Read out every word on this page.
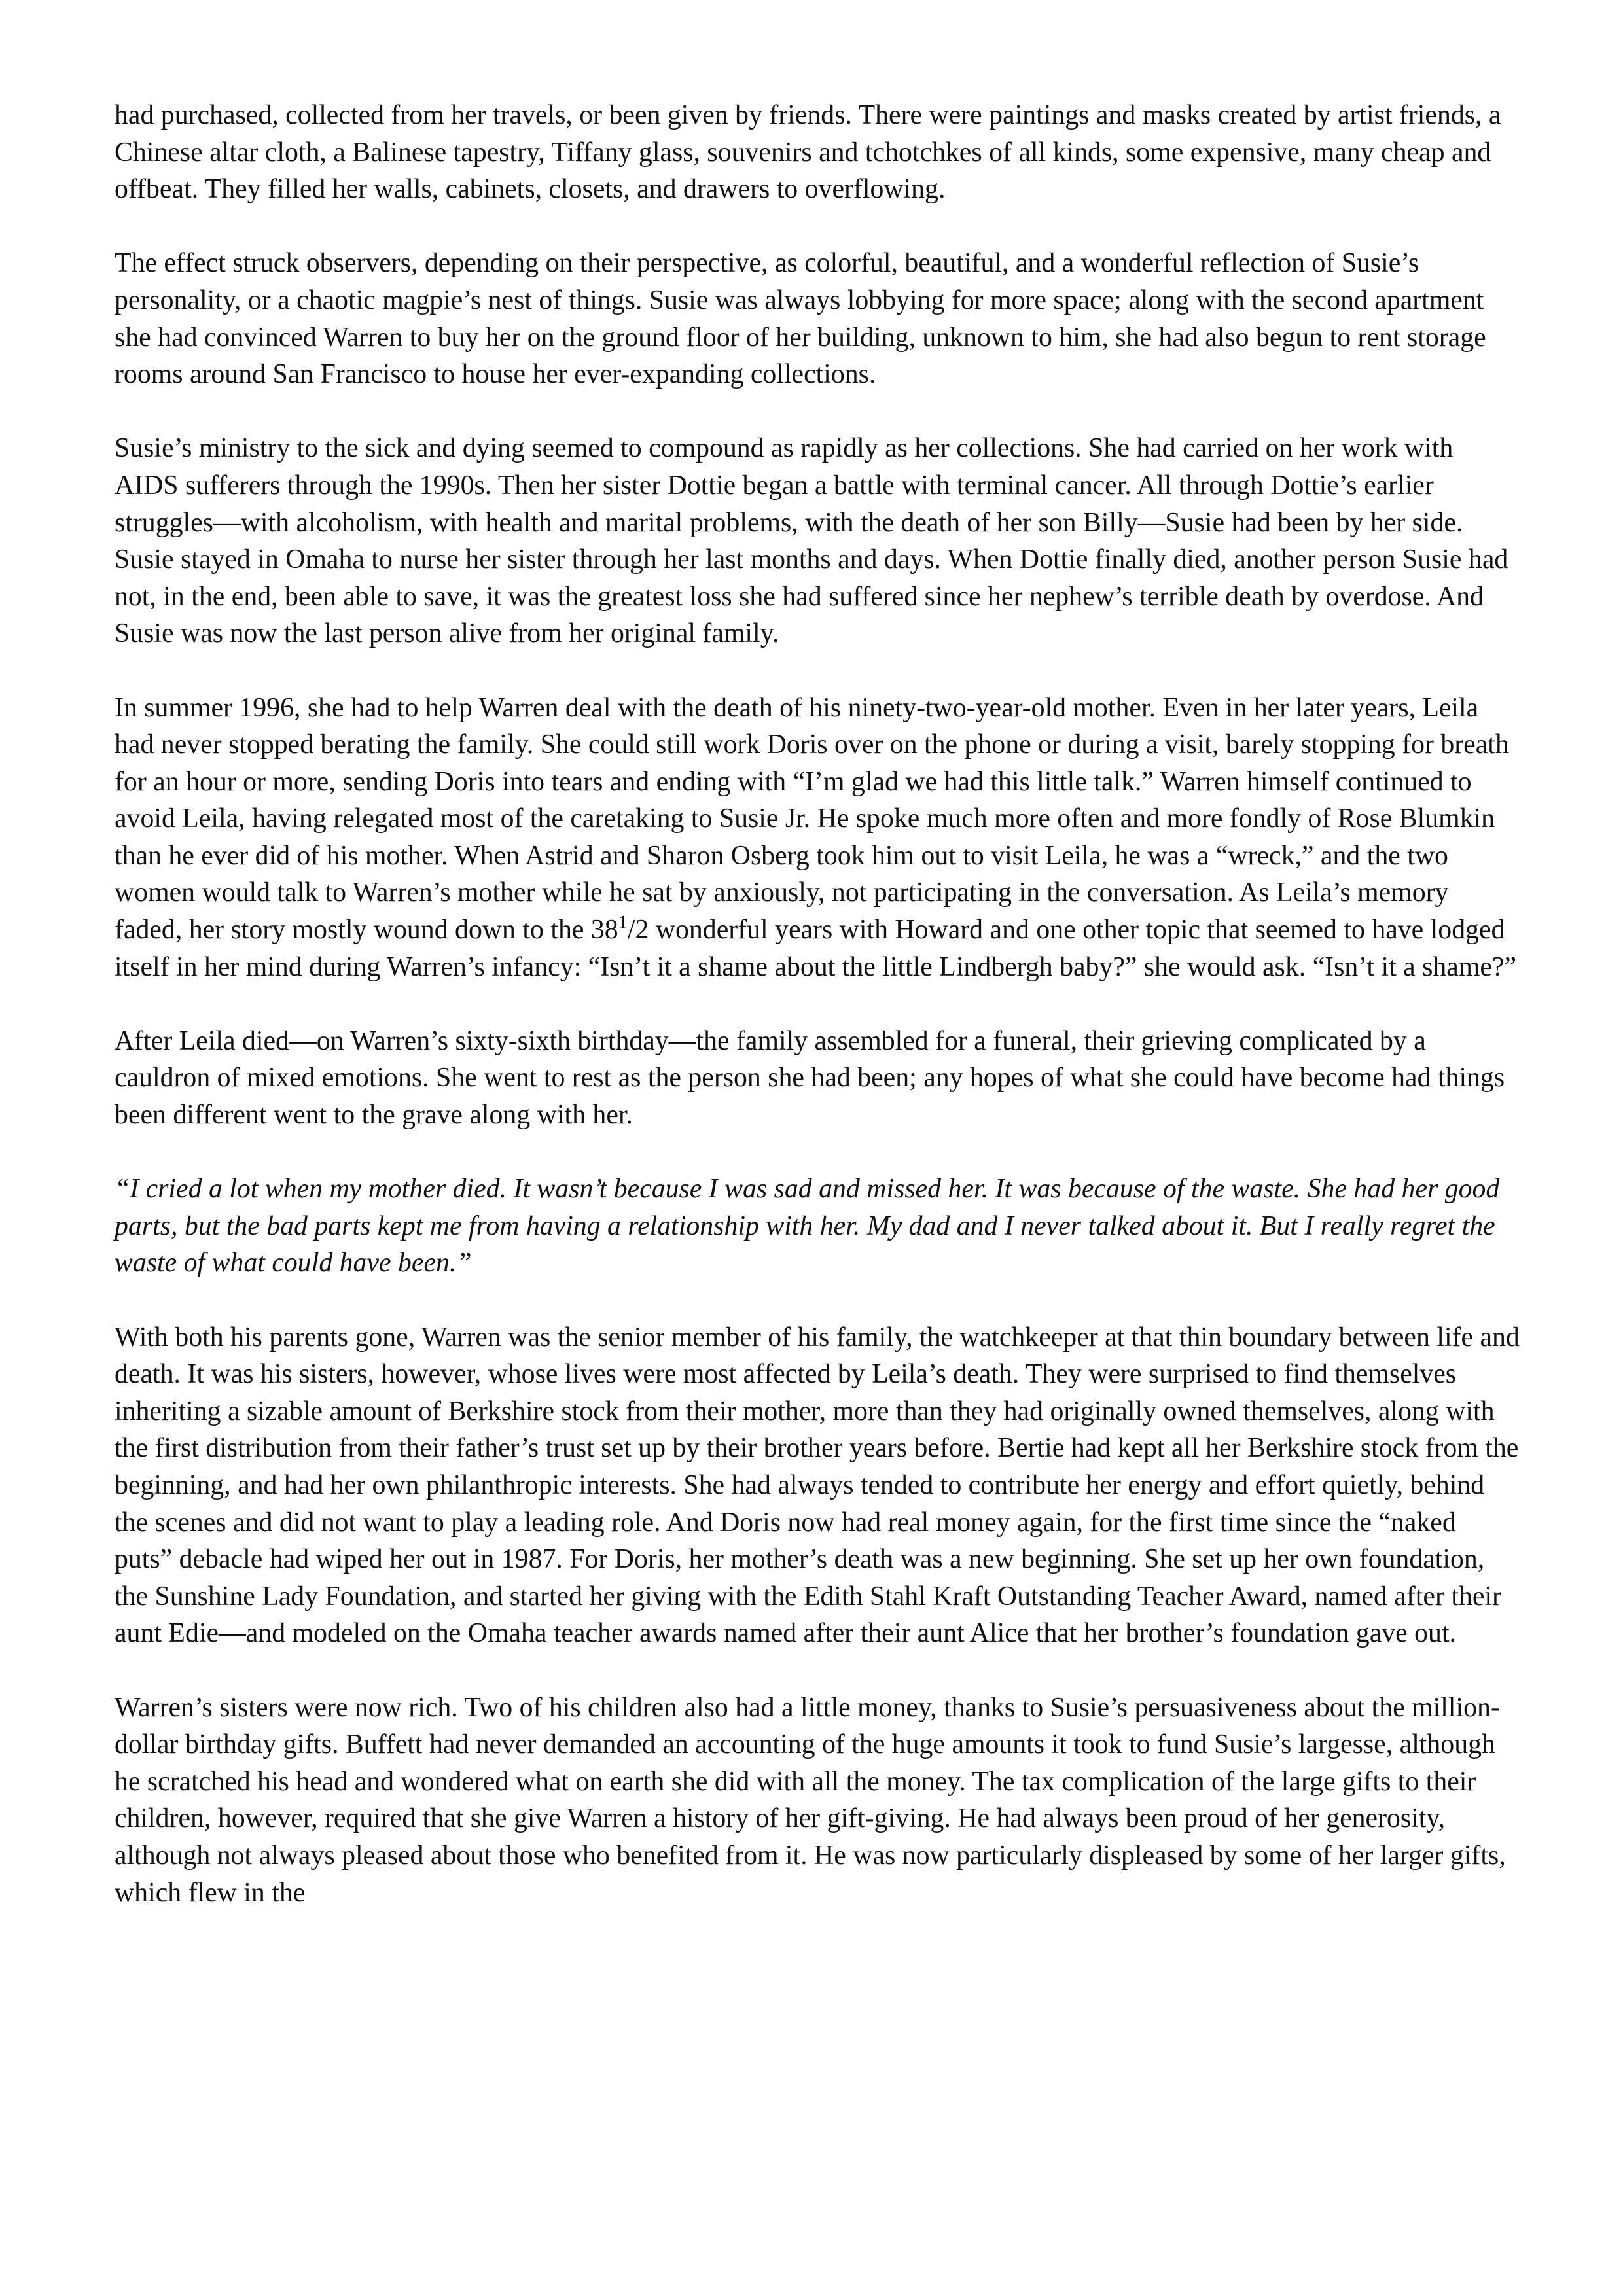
had purchased, collected from her travels, or been given by friends. There were paintings and masks created by artist friends, a Chinese altar cloth, a Balinese tapestry, Tiffany glass, souvenirs and tchotchkes of all kinds, some expensive, many cheap and offbeat. They filled her walls, cabinets, closets, and drawers to overflowing.

The effect struck observers, depending on their perspective, as colorful, beautiful, and a wonderful reflection of Susie’s personality, or a chaotic magpie’s nest of things. Susie was always lobbying for more space; along with the second apartment she had convinced Warren to buy her on the ground floor of her building, unknown to him, she had also begun to rent storage rooms around San Francisco to house her ever-expanding collections.

Susie’s ministry to the sick and dying seemed to compound as rapidly as her collections. She had carried on her work with AIDS sufferers through the 1990s. Then her sister Dottie began a battle with terminal cancer. All through Dottie’s earlier struggles—with alcoholism, with health and marital problems, with the death of her son Billy—Susie had been by her side. Susie stayed in Omaha to nurse her sister through her last months and days. When Dottie finally died, another person Susie had not, in the end, been able to save, it was the greatest loss she had suffered since her nephew’s terrible death by overdose. And Susie was now the last person alive from her original family.

In summer 1996, she had to help Warren deal with the death of his ninety-two-year-old mother. Even in her later years, Leila had never stopped berating the family. She could still work Doris over on the phone or during a visit, barely stopping for breath for an hour or more, sending Doris into tears and ending with “I’m glad we had this little talk.” Warren himself continued to avoid Leila, having relegated most of the caretaking to Susie Jr. He spoke much more often and more fondly of Rose Blumkin than he ever did of his mother. When Astrid and Sharon Osberg took him out to visit Leila, he was a “wreck,” and the two women would talk to Warren’s mother while he sat by anxiously, not participating in the conversation. As Leila’s memory faded, her story mostly wound down to the $38^1/2$ wonderful years with Howard and one other topic that seemed to have lodged itself in her mind during Warren’s infancy: “Isn’t it a shame about the little Lindbergh baby?” she would ask. “Isn’t it a shame?”

After Leila died—on Warren’s sixty-sixth birthday—the family assembled for a funeral, their grieving complicated by a cauldron of mixed emotions. She went to rest as the person she had been; any hopes of what she could have become had things been different went to the grave along with her.

“I cried a lot when my mother died. It wasn’t because I was sad and missed her. It was because of the waste. She had her good parts, but the bad parts kept me from having a relationship with her. My dad and I never talked about it. But I really regret the waste of what could have been.”

With both his parents gone, Warren was the senior member of his family, the watchkeeper at that thin boundary between life and death. It was his sisters, however, whose lives were most affected by Leila’s death. They were surprised to find themselves inheriting a sizable amount of Berkshire stock from their mother, more than they had originally owned themselves, along with the first distribution from their father’s trust set up by their brother years before. Bertie had kept all her Berkshire stock from the beginning, and had her own philanthropic interests. She had always tended to contribute her energy and effort quietly, behind the scenes and did not want to play a leading role. And Doris now had real money again, for the first time since the “naked puts” debacle had wiped her out in 1987. For Doris, her mother’s death was a new beginning. She set up her own foundation, the Sunshine Lady Foundation, and started her giving with the Edith Stahl Kraft Outstanding Teacher Award, named after their aunt Edie—and modeled on the Omaha teacher awards named after their aunt Alice that her brother’s foundation gave out.

Warren’s sisters were now rich. Two of his children also had a little money, thanks to Susie’s persuasiveness about the million-dollar birthday gifts. Buffett had never demanded an accounting of the huge amounts it took to fund Susie’s largesse, although he scratched his head and wondered what on earth she did with all the money. The tax complication of the large gifts to their children, however, required that she give Warren a history of her gift-giving. He had always been proud of her generosity, although not always pleased about those who benefited from it. He was now particularly displeased by some of her larger gifts, which flew in the
